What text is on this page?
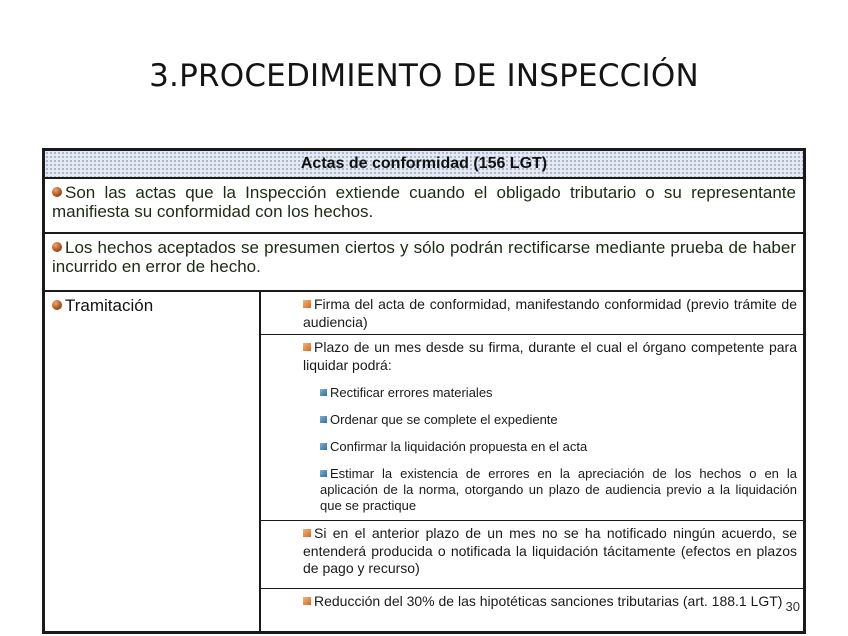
3.PROCEDIMIENTO DE INSPECCIÓN
Actas de conformidad (156 LGT)
Son las actas que la Inspección extiende cuando el obligado tributario o su representante manifiesta su conformidad con los hechos.
Los hechos aceptados se presumen ciertos y sólo podrán rectificarse mediante prueba de haber incurrido en error de hecho.
Tramitación	Firma del acta de conformidad, manifestando conformidad (previo trámite de audiencia)
Plazo de un mes desde su firma, durante el cual el órgano competente para liquidar podrá:
Rectificar errores materiales
Ordenar que se complete el expediente
Confirmar la liquidación propuesta en el acta
Estimar la existencia de errores en la apreciación de los hechos o en la aplicación de la norma, otorgando un plazo de audiencia previo a la liquidación que se practique
Si en el anterior plazo de un mes no se ha notificado ningún acuerdo, se entenderá producida o notificada la liquidación tácitamente (efectos en plazos de pago y recurso)
Reducción del 30% de las hipotéticas sanciones tributarias (art. 188.1 LGT) 30
